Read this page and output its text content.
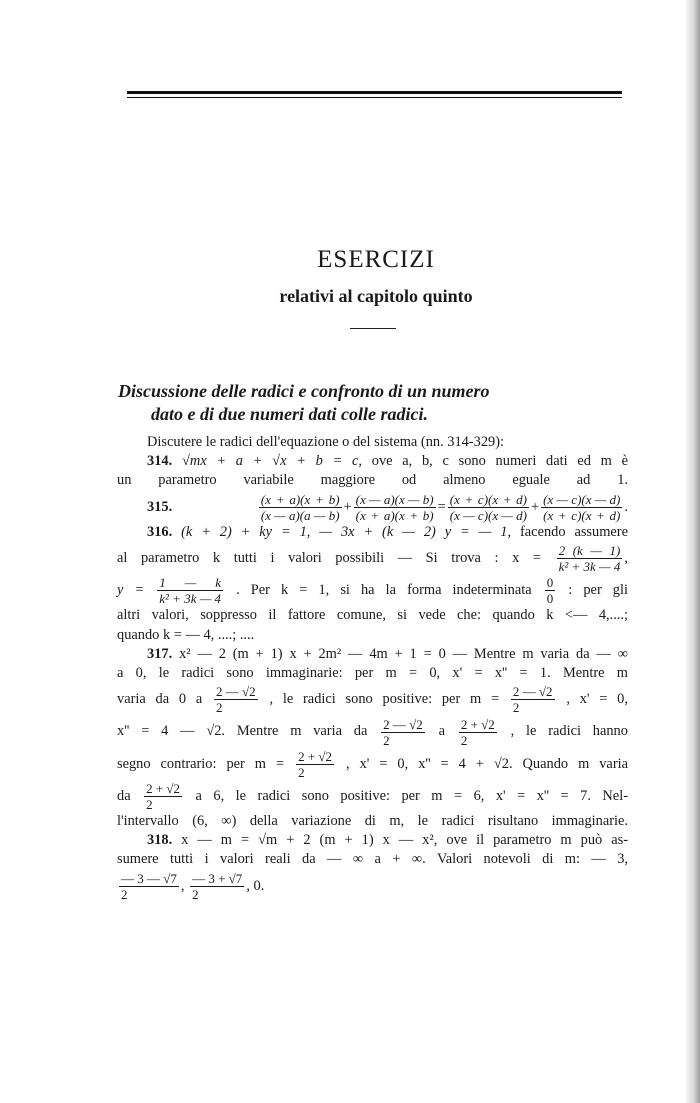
ESERCIZI
relativi al capitolo quinto
Discussione delle radici e confronto di un numero
dato e di due numeri dati colle radici.
Discutere le radici dell'equazione o del sistema (nn. 314-329):
314. √mx + a + √x + b = c, ove a, b, c sono numeri dati ed m è
un parametro variabile maggiore od almeno eguale ad 1.
315.	$\frac{(x + a)(x + b)}{(x — a)(a — b)} + \frac{(x — a)(x — b)}{(x + a)(x + b)} = \frac{(x + c)(x + d)}{(x — c)(x — d)} + \frac{(x — c)(x — d)}{(x + c)(x + d)}$ .
316. (k + 2) + ky = 1, — 3x + (k — 2) y = — 1, facendo assumere
al parametro k tutti i valori possibili — Si trova : $x = \frac{2 (k — 1)}{\text{k² + 3k — 4}}$ ,
$y = \frac{1 — k}{\text{k² + 3k — 4}}$ . Per k = 1, si ha la forma indeterminata $\frac{0}{0}$ : per gli
altri valori, soppresso il fattore comune, si vede che: quando k <— 4,....;
quando k = — 4, ....; ....
317. x² — 2 (m + 1) x + 2m² — 4m + 1 = 0 — Mentre m varia da — ∞
a 0, le radici sono immaginarie: per m = 0, x' = x'' = 1. Mentre m
varia da 0 a $\frac{2 — √2}{2}$ , le radici sono positive: per $m = \frac{2 — √2}{2}$ , x' = 0,
x'' = 4 — √2. Mentre m varia da $\frac{2 — √2}{2}$ a $\frac{2 + √2}{2}$ , le radici hanno
segno contrario: per $m = \frac{2 + √2}{2}$ , x' = 0, x'' = 4 + √2. Quando m varia
da $\frac{2 + √2}{2}$ a 6, le radici sono positive: per m = 6, x' = x'' = 7. Nel-
l'intervallo (6, ∞) della variazione di m, le radici risultano immaginarie.
318. x — m = √m + 2 (m + 1) x — x², ove il parametro m può as-
sumere tutti i valori reali da — ∞ a + ∞. Valori notevoli di m: — 3,
$\frac{— 3 — √7}{2}$ , $\frac{— 3 + √7}{2}$ , 0.
